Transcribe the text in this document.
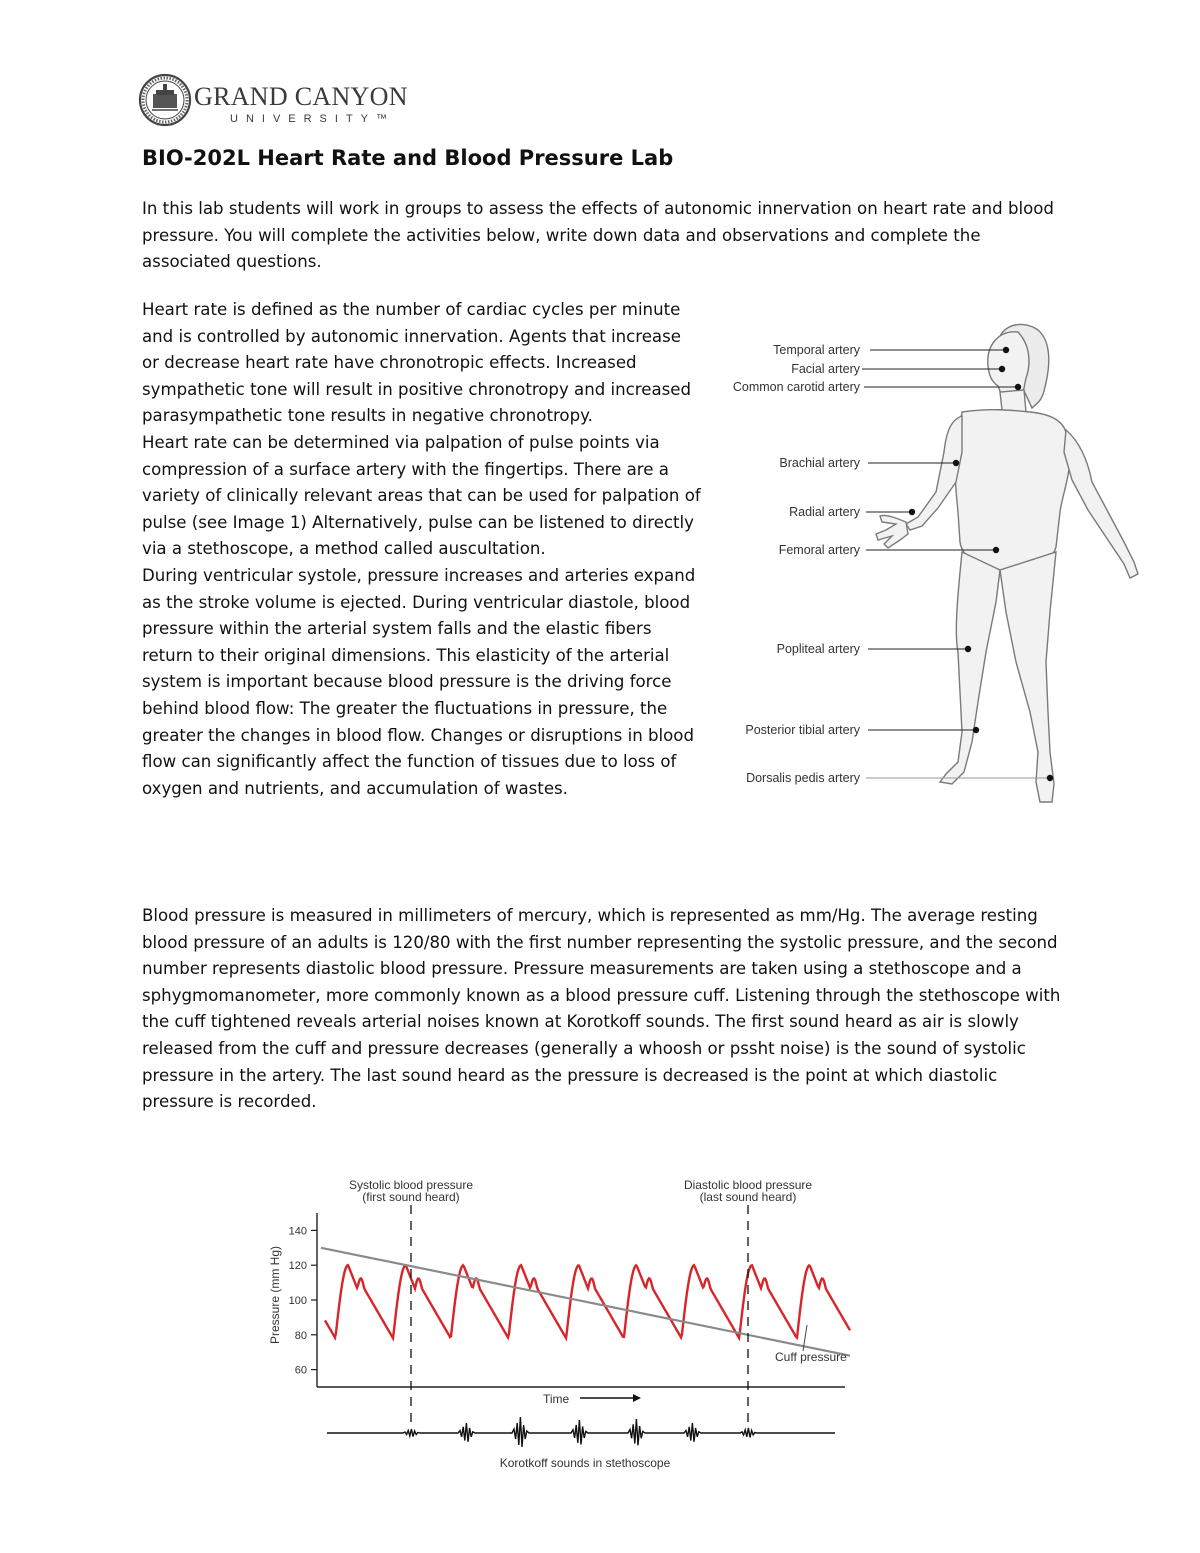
GRAND CANYON
UNIVERSITY™
BIO-202L Heart Rate and Blood Pressure Lab

In this lab students will work in groups to assess the effects of autonomic innervation on heart rate and blood pressure. You will complete the activities below, write down data and observations and complete the associated questions.

Heart rate is defined as the number of cardiac cycles per minute and is controlled by autonomic innervation. Agents that increase or decrease heart rate have chronotropic effects. Increased sympathetic tone will result in positive chronotropy and increased parasympathetic tone results in negative chronotropy.

Heart rate can be determined via palpation of pulse points via compression of a surface artery with the fingertips. There are a variety of clinically relevant areas that can be used for palpation of pulse (see Image 1) Alternatively, pulse can be listened to directly via a stethoscope, a method called auscultation.

During ventricular systole, pressure increases and arteries expand as the stroke volume is ejected. During ventricular diastole, blood pressure within the arterial system falls and the elastic fibers return to their original dimensions. This elasticity of the arterial system is important because blood pressure is the driving force behind blood flow: The greater the fluctuations in pressure, the greater the changes in blood flow. Changes or disruptions in blood flow can significantly affect the function of tissues due to loss of oxygen and nutrients, and accumulation of wastes.

Temporal artery
Facial artery
Common carotid artery
Brachial artery
Radial artery
Femoral artery
Popliteal artery
Posterior tibial artery
Dorsalis pedis artery

Blood pressure is measured in millimeters of mercury, which is represented as mm/Hg. The average resting blood pressure of an adults is 120/80 with the first number representing the systolic pressure, and the second number represents diastolic blood pressure. Pressure measurements are taken using a stethoscope and a sphygmomanometer, more commonly known as a blood pressure cuff. Listening through the stethoscope with the cuff tightened reveals arterial noises known at Korotkoff sounds. The first sound heard as air is slowly released from the cuff and pressure decreases (generally a whoosh or pssht noise) is the sound of systolic pressure in the artery. The last sound heard as the pressure is decreased is the point at which diastolic pressure is recorded.

Systolic blood pressure
(first sound heard)
Diastolic blood pressure
(last sound heard)
Pressure (mm Hg)
140
120
100
80
60
Cuff pressure
Time
Korotkoff sounds in stethoscope
